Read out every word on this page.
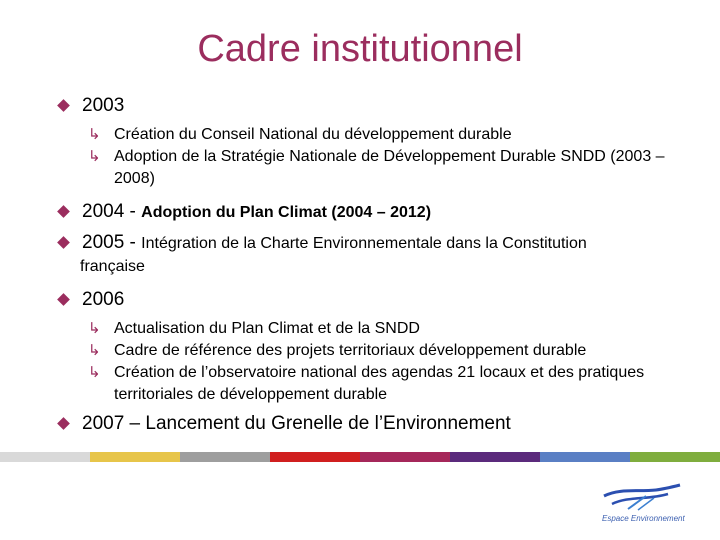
Cadre institutionnel
2003
↳ Création du Conseil National du développement durable
↳ Adoption de la Stratégie Nationale de Développement Durable SNDD (2003 – 2008)
2004 - Adoption du Plan Climat (2004 – 2012)
2005 - Intégration de la Charte Environnementale dans la Constitution
française
2006
↳ Actualisation du Plan Climat et de la SNDD
↳ Cadre de référence des projets territoriaux développement durable
↳ Création de l’observatoire national des agendas 21 locaux et des pratiques territoriales de développement durable
2007 – Lancement du Grenelle de l’Environnement
Espace Environnement
